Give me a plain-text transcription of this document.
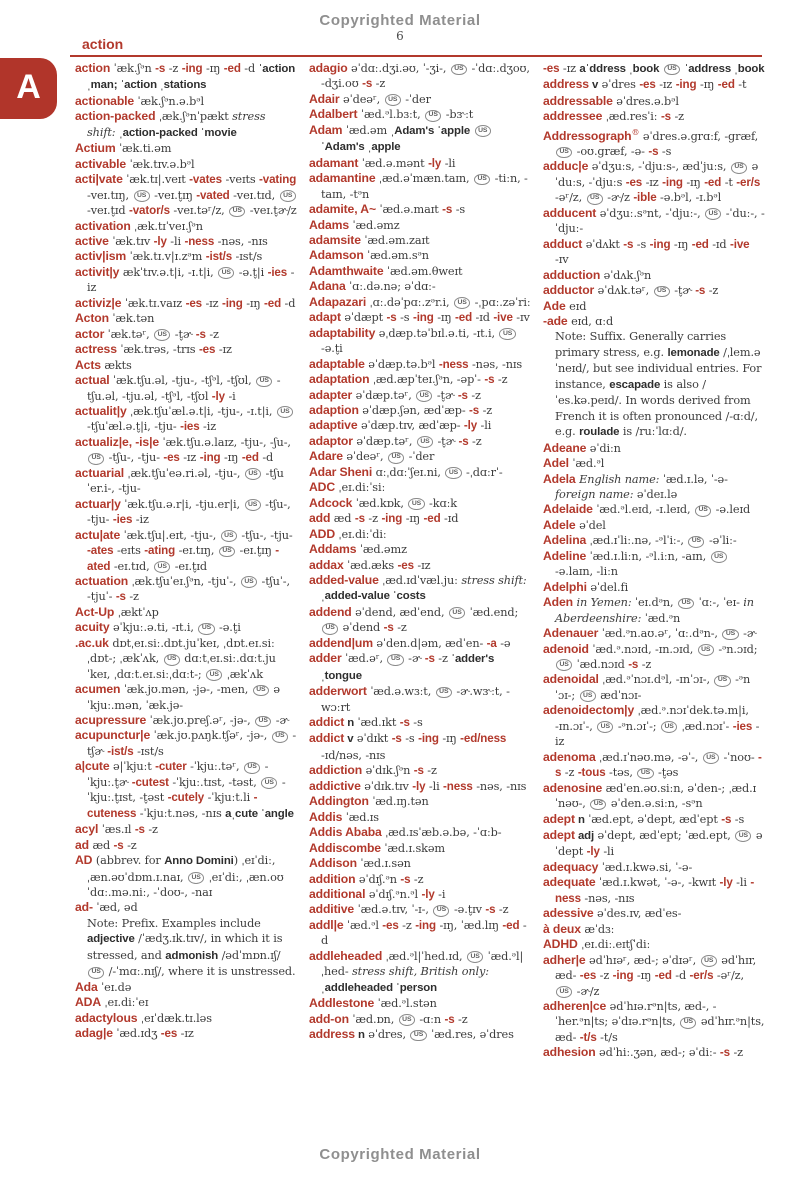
Copyrighted Material
6
action
A	action ˈæk.ʃᵊn -s -z -ing -ɪŋ -ed -d ˈaction ˌman; ˈaction ˌstations
actionable ˈæk.ʃᵊn.ə.bᵊl
action-packed ˌæk.ʃᵊnˈpækt stress shift: ˌaction-packed ˈmovie
Actium ˈæk.ti.əm
activable ˈæk.tɪv.ə.bᵊl
acti|vate ˈæk.tɪ|.veɪt -vates -veɪts -vating -veɪ.tɪŋ, US -veɪ.t̬ɪŋ -vated -veɪ.tɪd, US -veɪ.t̬ɪd -vator/s -veɪ.təʳ/z, US -veɪ.t̬ɚ/z
activation ˌæk.tɪˈveɪ.ʃᵊn
active ˈæk.tɪv -ly -li -ness -nəs, -nɪs
activ|ism ˈæk.tɪ.v|ɪ.zᵊm -ist/s -ɪst/s
activit|y ækˈtɪv.ə.t|i, -ɪ.t|i, US -ə.t̬|i -ies -iz
activiz|e ˈæk.tɪ.vaɪz -es -ɪz -ing -ɪŋ -ed -d
Acton ˈæk.tən
actor ˈæk.təʳ, US -t̬ɚ -s -z
actress ˈæk.trəs, -trɪs -es -ɪz
Acts ækts
actual ˈæk.tʃu.əl, -tju-, -tʃᵊl, -tʃʊl, US -tʃu.əl, -tju.əl, -tʃᵊl, -tʃʊl -ly -i
actualit|y ˌæk.tʃuˈæl.ə.t|i, -tju-, -ɪ.t|i, US -tʃuˈæl.ə.t̬|i, -tju- -ies -iz
actualiz|e, -is|e ˈæk.tʃu.ə.laɪz, -tju-, -ʃu-, US -tʃu-, -tju- -es -ɪz -ing -ɪŋ -ed -d
actuarial ˌæk.tʃuˈeə.ri.əl, -tju-, US -tʃuˈer.i-, -tju-
actuar|y ˈæk.tʃu.ə.r|i, -tju.er|i, US -tʃu-, -tju- -ies -iz
actu|ate ˈæk.tʃu|.eɪt, -tju-, US -tʃu-, -tju- -ates -eɪts -ating -eɪ.tɪŋ, US -eɪ.t̬ɪŋ -ated -eɪ.tɪd, US -eɪ.t̬ɪd
actuation ˌæk.tʃuˈeɪ.ʃᵊn, -tjuˈ-, US -tʃuˈ-, -tjuˈ- -s -z
Act-Up ˌæktˈʌp
acuity əˈkjuː.ə.ti, -ɪt.i, US -ə.t̬i
.ac.uk dɒtˌeɪ.siː.dɒt.juˈkeɪ, ˌdɒt.eɪ.siːˌdɒt-; ˌækˈʌk, US dɑːtˌeɪ.siː.dɑːt.juˈkeɪ, ˌdɑːt.eɪ.siːˌdɑːt-; US ˌækˈʌk
acumen ˈæk.jʊ.mən, -jə-, -men, US əˈkjuː.mən, ˈæk.jə-
acupressure ˈæk.jʊ.preʃ.əʳ, -jə-, US -ɚ
acupunctur|e ˈæk.jʊ.pʌŋk.tʃəʳ, -jə-, US -tʃɚ -ist/s -ɪst/s
a|cute ə|ˈkjuːt -cuter -ˈkjuː.təʳ, US -ˈkjuː.t̬ɚ -cutest -ˈkjuː.tɪst, -təst, US -ˈkjuː.t̬ɪst, -t̬əst -cutely -ˈkjuːt.li -cuteness -ˈkjuːt.nəs, -nɪs aˌcute ˈangle
acyl ˈæs.ɪl -s -z
ad æd -s -z
AD (abbrev. for Anno Domini) ˌeɪˈdiː, ˌæn.əʊˈdɒm.ɪ.naɪ, US ˌeɪˈdiː, ˌæn.oʊˈdɑː.mə.niː, -ˈdoʊ-, -naɪ
ad- ˈæd, əd
Note: Prefix. Examples include adjective /ˈædʒ.ɪk.tɪv/, in which it is stressed, and admonish /ədˈmɒn.ɪʃ/ US /-ˈmɑː.nɪʃ/, where it is unstressed.
Ada ˈeɪ.də
ADA ˌeɪ.diːˈeɪ
adactylous ˌeɪˈdæk.tɪ.ləs
adag|e ˈæd.ɪdʒ -es -ɪz
adagio əˈdɑː.dʒi.əʊ, ˈ-ʒi-, US -ˈdɑː.dʒoʊ, -dʒi.oʊ -s -z
Adair əˈdeəʳ, US -ˈder
Adalbert ˈæd.ᵊl.bɜːt, US -bɝːt
Adam ˈæd.əm ˌAdam's ˈapple US ˈAdam's ˌapple
adamant ˈæd.ə.mənt -ly -li
adamantine ˌæd.əˈmæn.taɪn, US -tiːn, -taɪn, -tᵊn
adamite, A~ ˈæd.ə.maɪt -s -s
Adams ˈæd.əmz
adamsite ˈæd.əm.zaɪt
Adamson ˈæd.əm.sᵊn
Adamthwaite ˈæd.əm.θweɪt
Adana ˈɑː.də.nə; əˈdɑː-
Adapazari ˌɑː.dəˈpɑː.zᵊr.i, US -ˌpɑː.zəˈriː
adapt əˈdæpt -s -s -ing -ɪŋ -ed -ɪd -ive -ɪv
adaptability əˌdæp.təˈbɪl.ə.ti, -ɪt.i, US -ə.t̬i
adaptable əˈdæp.tə.bᵊl -ness -nəs, -nɪs
adaptation ˌæd.æpˈteɪ.ʃᵊn, -əpˈ- -s -z
adapter əˈdæp.təʳ, US -t̬ɚ -s -z
adaption əˈdæp.ʃən, ædˈæp- -s -z
adaptive əˈdæp.tɪv, ædˈæp- -ly -li
adaptor əˈdæp.təʳ, US -t̬ɚ -s -z
Adare əˈdeəʳ, US -ˈder
Adar Sheni ɑːˌdɑːˈʃeɪ.ni, US -ˌdɑːrˈ-
ADC ˌeɪ.diːˈsiː
Adcock ˈæd.kɒk, US -kɑːk
add æd -s -z -ing -ɪŋ -ed -ɪd
ADD ˌeɪ.diːˈdiː
Addams ˈæd.əmz
addax ˈæd.æks -es -ɪz
added-value ˌæd.ɪdˈvæl.juː stress shift: ˌadded-value ˈcosts
addend əˈdend, ædˈend, US ˈæd.end; US əˈdend -s -z
addend|um əˈden.d|əm, ædˈen- -a -ə
adder ˈæd.əʳ, US -ɚ -s -z ˈadder's ˌtongue
adderwort ˈæd.ə.wɜːt, US -ɚ.wɝːt, -wɔːrt
addict n ˈæd.ɪkt -s -s
addict v əˈdɪkt -s -s -ing -ɪŋ -ed/ness -ɪd/nəs, -nɪs
addiction əˈdɪk.ʃᵊn -s -z
addictive əˈdɪk.tɪv -ly -li -ness -nəs, -nɪs
Addington ˈæd.ɪŋ.tən
Addis ˈæd.ɪs
Addis Ababa ˌæd.ɪsˈæb.ə.bə, -ˈɑːb-
Addiscombe ˈæd.ɪ.skəm
Addison ˈæd.ɪ.sən
addition əˈdɪʃ.ᵊn -s -z
additional əˈdɪʃ.ᵊn.ᵊl -ly -i
additive ˈæd.ə.tɪv, ˈ-ɪ-, US -ə.t̬ɪv -s -z
addl|e ˈæd.ᵊl -es -z -ing -ɪŋ, ˈæd.lɪŋ -ed -d
addleheaded ˌæd.ᵊl|ˈhed.ɪd, US ˈæd.ᵊl|ˌhed- stress shift, British only: ˌaddleheaded ˈperson
Addlestone ˈæd.ᵊl.stən
add-on ˈæd.ɒn, US -ɑːn -s -z
address n əˈdres, US ˈæd.res, əˈdres
-es -ɪz aˈddress ˌbook US ˈaddress ˌbook
address v əˈdres -es -ɪz -ing -ɪŋ -ed -t
addressable əˈdres.ə.bᵊl
addressee ˌæd.resˈiː -s -z
Addressograph® əˈdres.ə.grɑːf, -græf, US -oʊ.græf, -ə- -s -s
adduc|e əˈdʒuːs, -ˈdjuːs-, ædˈjuːs, US əˈduːs, -ˈdjuːs -es -ɪz -ing -ɪŋ -ed -t -er/s -əʳ/z, US -ɚ/z -ible -ə.bᵊl, -ɪ.bᵊl
adducent əˈdʒuː.sᵊnt, -ˈdjuː-, US -ˈduː-, -ˈdjuː-
adduct əˈdʌkt -s -s -ing -ɪŋ -ed -ɪd -ive -ɪv
adduction əˈdʌk.ʃᵊn
adductor əˈdʌk.təʳ, US -t̬ɚ -s -z
Ade eɪd
-ade eɪd, ɑːd
Note: Suffix. Generally carries primary stress, e.g. lemonade /ˌlem.əˈneɪd/, but see individual entries. For instance, escapade is also /ˈes.kə.peɪd/. In words derived from French it is often pronounced /-ɑːd/, e.g. roulade is /ruːˈlɑːd/.
Adeane əˈdiːn
Adel ˈæd.ᵊl
Adela English name: ˈæd.ɪ.lə, ˈ-ə- foreign name: əˈdeɪ.lə
Adelaide ˈæd.ᵊl.eɪd, -ɪ.leɪd, US -ə.leɪd
Adele əˈdel
Adelina ˌæd.ɪˈliː.nə, -ᵊlˈiː-, US -əˈliː-
Adeline ˈæd.ɪ.liːn, -ᵊl.iːn, -aɪn, US -ə.laɪn, -liːn
Adelphi əˈdel.fi
Aden in Yemen: ˈeɪ.dᵊn, US ˈɑː-, ˈeɪ- in Aberdeenshire: ˈæd.ᵊn
Adenauer ˈæd.ᵊn.aʊ.əʳ, ˈɑː.dᵊn-, US -ɚ
adenoid ˈæd.ᵊ.nɔɪd, -ɪn.ɔɪd, US -ᵊn.ɔɪd; US ˈæd.nɔɪd -s -z
adenoidal ˌæd.ᵊˈnɔɪ.dᵊl, -ɪnˈɔɪ-, US -ᵊnˈɔɪ-; US ædˈnɔɪ-
adenoidectom|y ˌæd.ᵊ.nɔɪˈdek.tə.m|i, -ɪn.ɔɪˈ-, US -ᵊn.ɔɪˈ-; US ˌæd.nɔɪˈ- -ies -iz
adenoma ˌæd.ɪˈnəʊ.mə, -əˈ-, US -ˈnoʊ- -s -z -tous -təs, US -t̬əs
adenosine ædˈen.əʊ.siːn, əˈden-; ˌæd.ɪˈnəʊ-, US əˈden.ə.siːn, -sᵊn
adept n ˈæd.ept, əˈdept, ædˈept -s -s
adept adj əˈdept, ædˈept; ˈæd.ept, US əˈdept -ly -li
adequacy ˈæd.ɪ.kwə.si, ˈ-ə-
adequate ˈæd.ɪ.kwət, ˈ-ə-, -kwɪt -ly -li -ness -nəs, -nɪs
adessive əˈdes.ɪv, ædˈes-
à deux æˈdɜː
ADHD ˌeɪ.diː.eɪtʃˈdiː
adher|e ədˈhɪəʳ, æd-; əˈdɪəʳ, US ədˈhɪr, æd- -es -z -ing -ɪŋ -ed -d -er/s -əʳ/z, US -ɚ/z
adheren|ce ədˈhɪə.rᵊn|ts, æd-, -ˈher.ᵊn|ts; əˈdɪə.rᵊn|ts, US ədˈhɪr.ᵊn|ts, æd- -t/s -t/s
adhesion ədˈhiː.ʒən, æd-; əˈdiː- -s -z
Copyrighted Material
